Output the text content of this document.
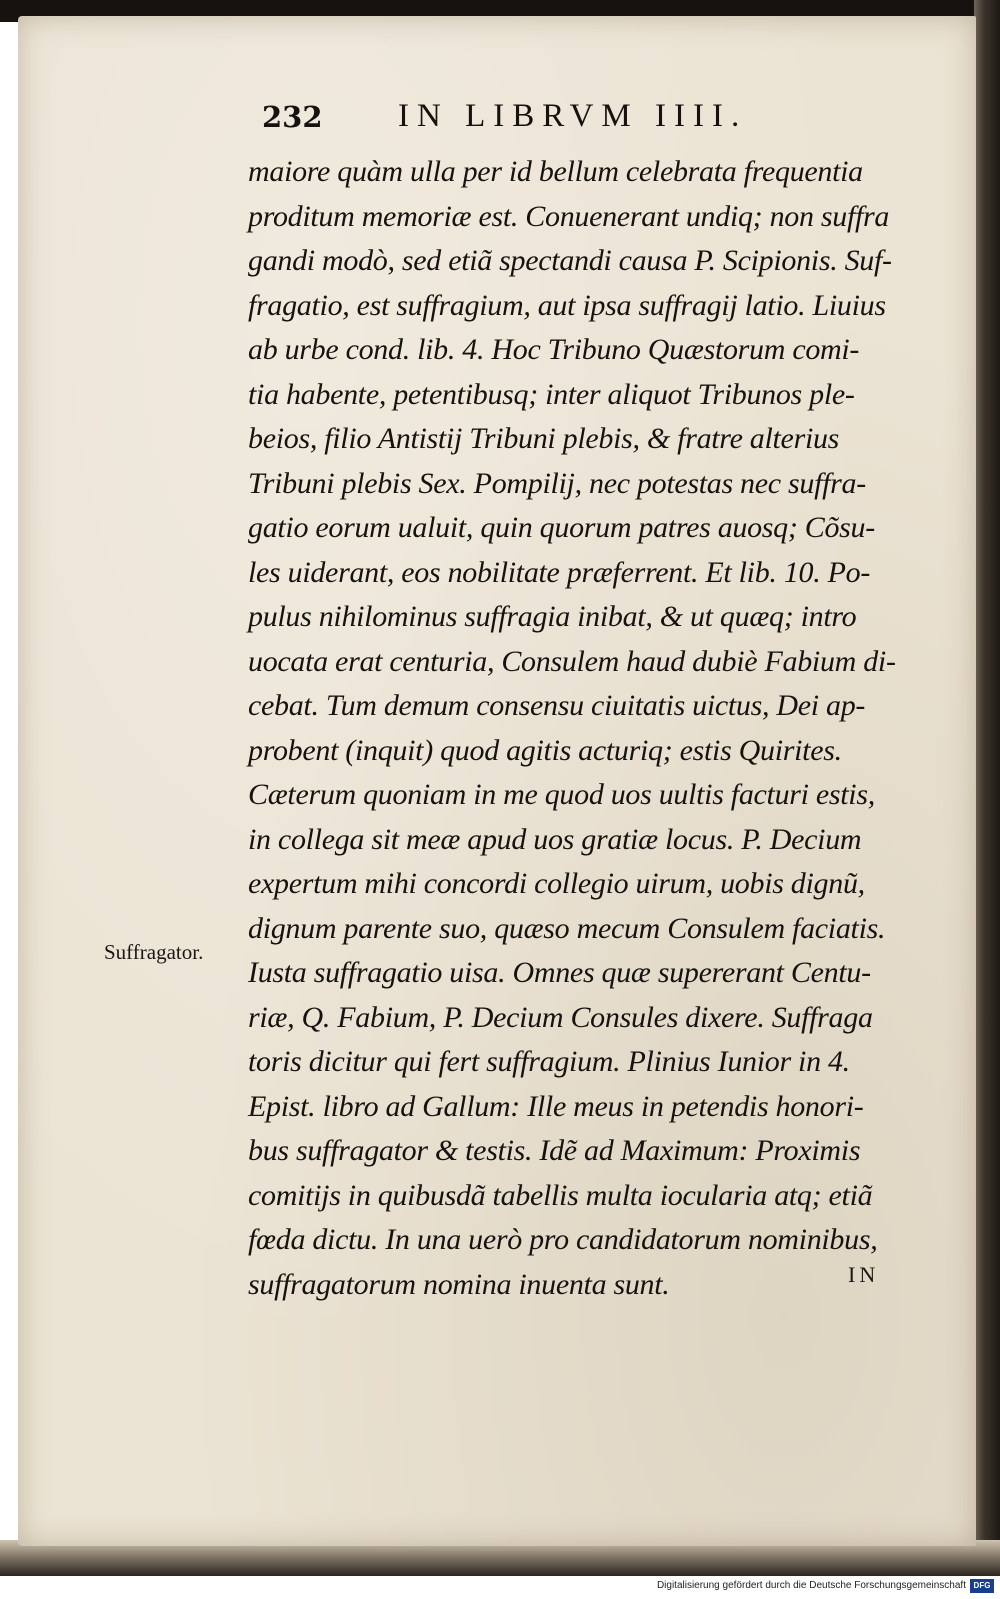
232 IN LIBRVM IIII.
maiore quàm ulla per id bellum celebrata frequentia
proditum memoriæ est. Conuenerant undiq; non suffra
gandi modò, sed etiã spectandi causa P. Scipionis. Suf-
fragatio, est suffragium, aut ipsa suffragij latio. Liuius
ab urbe cond. lib. 4. Hoc Tribuno Quæstorum comi-
tia habente, petentibusq; inter aliquot Tribunos ple-
beios, filio Antistij Tribuni plebis, & fratre alterius
Tribuni plebis Sex. Pompilij, nec potestas nec suffra-
gatio eorum ualuit, quin quorum patres auosq; Cõsu-
les uiderant, eos nobilitate præferrent. Et lib. 10. Po-
pulus nihilominus suffragia inibat, & ut quæq; intro
uocata erat centuria, Consulem haud dubiè Fabium di-
cebat. Tum demum consensu ciuitatis uictus, Dei ap-
probent (inquit) quod agitis acturiq; estis Quirites.
Cæterum quoniam in me quod uos uultis facturi estis,
in collega sit meæ apud uos gratiæ locus. P. Decium
expertum mihi concordi collegio uirum, uobis dignũ,
dignum parente suo, quæso mecum Consulem faciatis.
Iusta suffragatio uisa. Omnes quæ supererant Centu-
riæ, Q. Fabium, P. Decium Consules dixere. Suffraga
toris dicitur qui fert suffragium. Plinius Iunior in 4.
Epist. libro ad Gallum: Ille meus in petendis honori-
bus suffragator & testis. Idẽ ad Maximum: Proximis
comitijs in quibusdã tabellis multa iocularia atq; etiã
fœda dictu. In una uerò pro candidatorum nominibus,
suffragatorum nomina inuenta sunt.
Suffragator.
IN
Digitalisierung gefördert durch die Deutsche Forschungsgemeinschaft DFG
